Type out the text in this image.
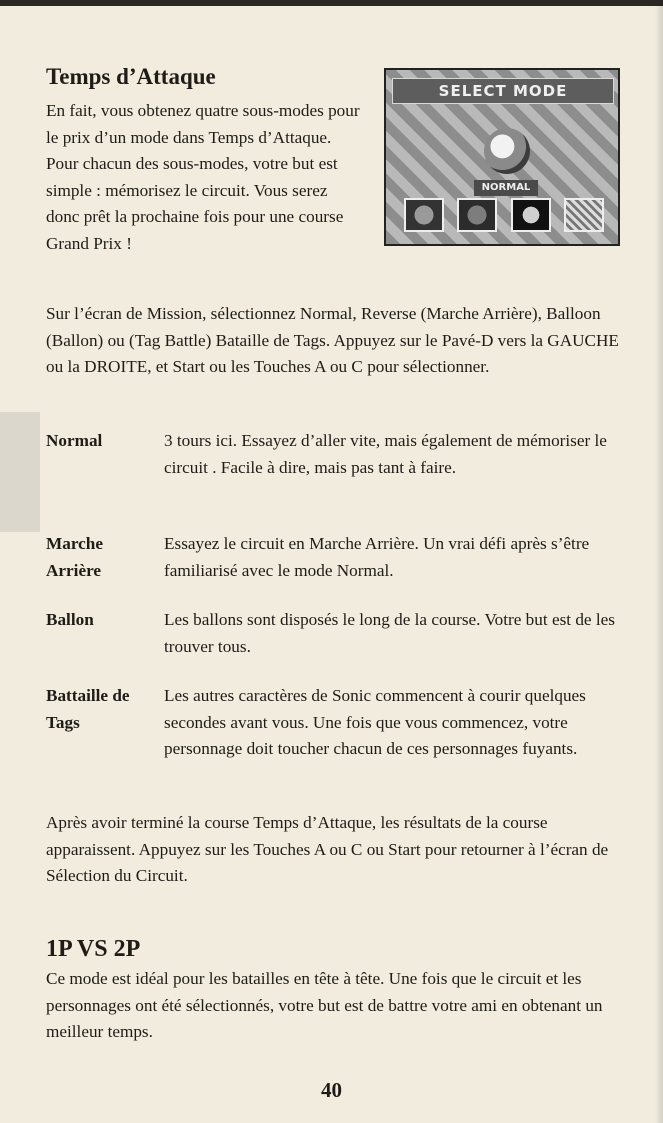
Temps d’Attaque

En fait, vous obtenez quatre sous-modes pour le prix d’un mode dans Temps d’Attaque. Pour chacun des sous-modes, votre but est simple : mémorisez le circuit. Vous serez donc prêt la prochaine fois pour une course Grand Prix !

SELECT MODE
NORMAL

Sur l’écran de Mission, sélectionnez Normal, Reverse (Marche Arrière), Balloon (Ballon) ou (Tag Battle) Bataille de Tags. Appuyez sur le Pavé-D vers la GAUCHE ou la DROITE, et Start ou les Touches A ou C pour sélectionner.

Normal	3 tours ici. Essayez d’aller vite, mais également de mémoriser le circuit . Facile à dire, mais pas tant à faire.
Marche Arrière
Essayez le circuit en Marche Arrière. Un vrai défi après s’être familiarisé avec le mode Normal.
Ballon	Les ballons sont disposés le long de la course. Votre but est de les trouver tous.
Battaille de Tags
Les autres caractères de Sonic commencent à courir quelques secondes avant vous. Une fois que vous commencez, votre personnage doit toucher chacun de ces personnages fuyants.

Après avoir terminé la course Temps d’Attaque, les résultats de la course apparaissent. Appuyez sur les Touches A ou C ou Start pour retourner à l’écran de Sélection du Circuit.

1P VS 2P

Ce mode est idéal pour les batailles en tête à tête. Une fois que le circuit et les personnages ont été sélectionnés, votre but est de battre votre ami en obtenant un meilleur temps.

40
